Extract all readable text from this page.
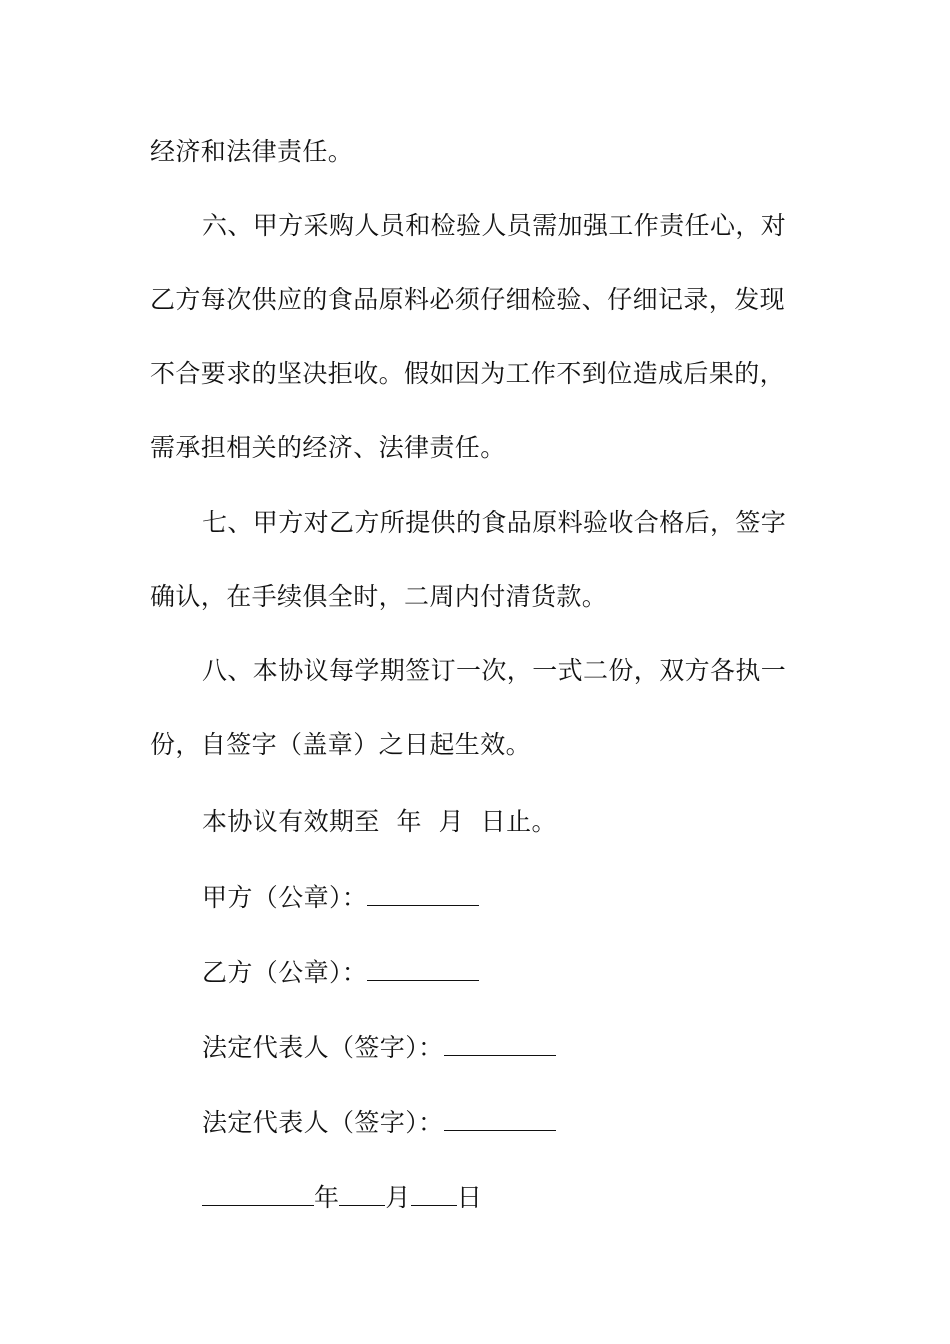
经济和法律责任。
六、甲方采购人员和检验人员需加强工作责任心，对
乙方每次供应的食品原料必须仔细检验、仔细记录，发现
不合要求的坚决拒收。假如因为工作不到位造成后果的，
需承担相关的经济、法律责任。
七、甲方对乙方所提供的食品原料验收合格后，签字
确认，在手续俱全时，二周内付清货款。
八、本协议每学期签订一次，一式二份，双方各执一
份，自签字（盖章）之日起生效。
本协议有效期至  年  月  日止。
甲方（公章）：
乙方（公章）：
法定代表人（签字）：
法定代表人（签字）：
年 月 日
